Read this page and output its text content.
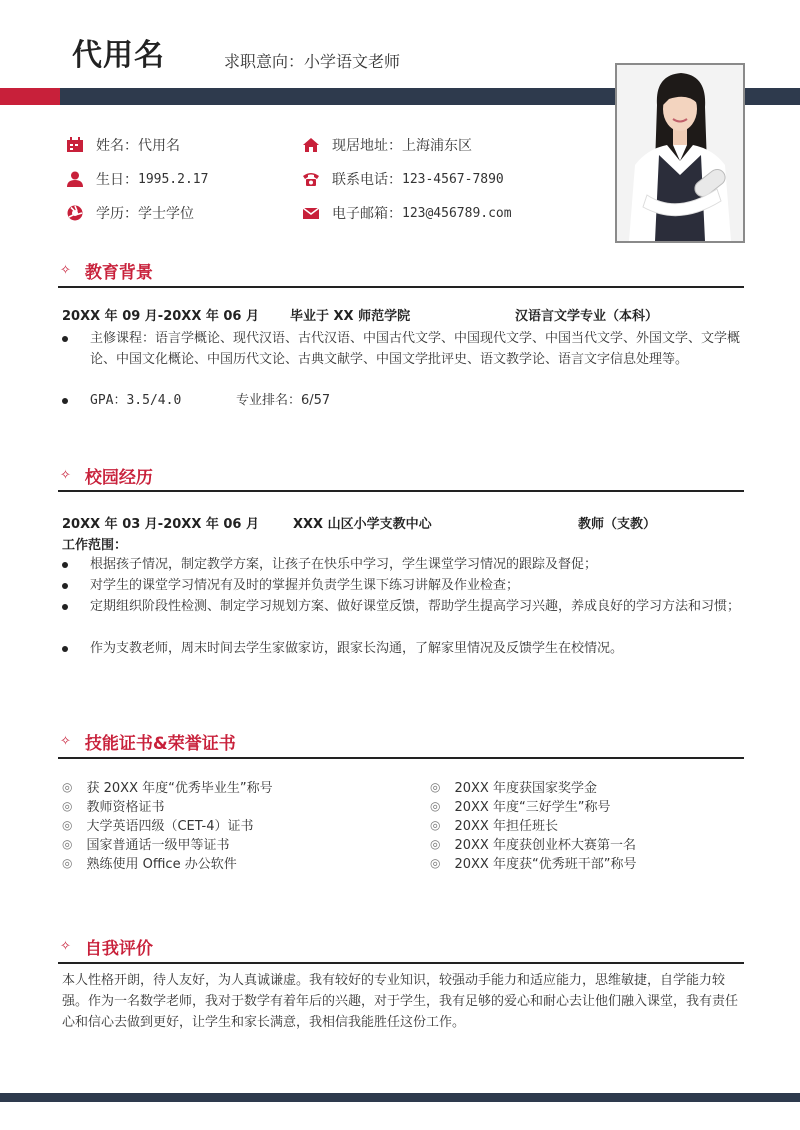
代用名	求职意向：小学语文老师
姓名：代用名
生日： 1995.2.17
学历：学士学位
现居地址：上海浦东区
联系电话： 123-4567-7890
电子邮箱： 123@456789.com
✧ 教育背景
20XX 年 09 月-20XX 年 06 月 毕业于 XX 师范学院	汉语言文学专业（本科）
主修课程：语言学概论、现代汉语、古代汉语、中国古代文学、中国现代文学、中国当代文学、外国文学、文学概论、中国文化概论、中国历代文论、古典文献学、中国文学批评史、语文教学论、语言文字信息处理等。
GPA：3.5/4.0	专业排名：6/57
✧ 校园经历
20XX 年 03 月-20XX 年 06 月	XXX 山区小学支教中心	教师（支教）
工作范围：
根据孩子情况，制定教学方案，让孩子在快乐中学习，学生课堂学习情况的跟踪及督促；
对学生的课堂学习情况有及时的掌握并负责学生课下练习讲解及作业检查；
定期组织阶段性检测、制定学习规划方案、做好课堂反馈，帮助学生提高学习兴趣，养成良好的学习方法和习惯；
作为支教老师，周末时间去学生家做家访，跟家长沟通，了解家里情况及反馈学生在校情况。
✧ 技能证书&荣誉证书
◎ 获 20XX 年度“优秀毕业生”称号
◎ 教师资格证书
◎ 大学英语四级（CET-4）证书
◎ 国家普通话一级甲等证书
◎ 熟练使用 Office 办公软件
◎ 20XX 年度获国家奖学金
◎ 20XX 年度“三好学生”称号
◎ 20XX 年担任班长
◎ 20XX 年度获创业杯大赛第一名
◎ 20XX 年度获“优秀班干部”称号
✧ 自我评价
本人性格开朗，待人友好，为人真诚谦虚。我有较好的专业知识，较强动手能力和适应能力，思维敏捷，自学能力较强。作为一名数学老师，我对于数学有着年后的兴趣，对于学生，我有足够的爱心和耐心去让他们融入课堂，我有责任心和信心去做到更好，让学生和家长满意，我相信我能胜任这份工作。
